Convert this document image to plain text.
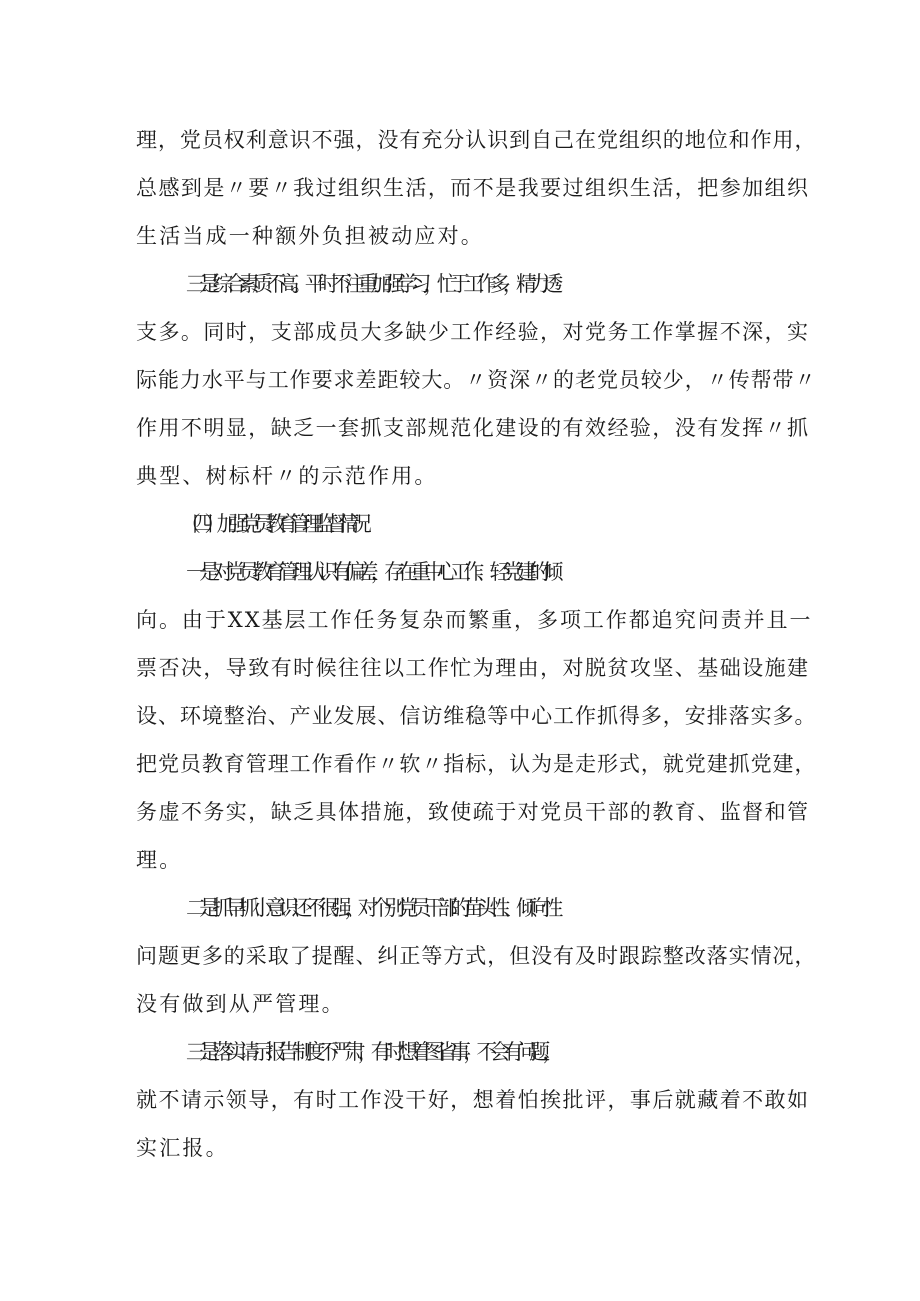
理，党员权利意识不强，没有充分认识到自己在党组织的地位和作用，
总感到是〃要〃我过组织生活，而不是我要过组织生活，把参加组织
生活当成一种额外负担被动应对。
三是综合素质不高。平时不注重加强学习，忙于工作多，精力透
支多。同时，支部成员大多缺少工作经验，对党务工作掌握不深，实
际能力水平与工作要求差距较大。〃资深〃的老党员较少，〃传帮带〃
作用不明显，缺乏一套抓支部规范化建设的有效经验，没有发挥〃抓
典型、树标杆〃的示范作用。
（四）加强党员教育管理监督情况
一是对党员教育管理认识有偏差，存在重中心工作、轻党建的倾
向。由于XX基层工作任务复杂而繁重，多项工作都追究问责并且一
票否决，导致有时候往往以工作忙为理由，对脱贫攻坚、基础设施建
设、环境整治、产业发展、信访维稳等中心工作抓得多，安排落实多。
把党员教育管理工作看作〃软〃指标，认为是走形式，就党建抓党建，
务虚不务实，缺乏具体措施，致使疏于对党员干部的教育、监督和管
理。
二是抓早抓小意识还不很强，对个别党员干部的苗头性、倾向性
问题更多的采取了提醒、纠正等方式，但没有及时跟踪整改落实情况，
没有做到从严管理。
三是落实请示报告制度不严肃，有时想着图省事，不会有问题，
就不请示领导，有时工作没干好，想着怕挨批评，事后就藏着不敢如
实汇报。
